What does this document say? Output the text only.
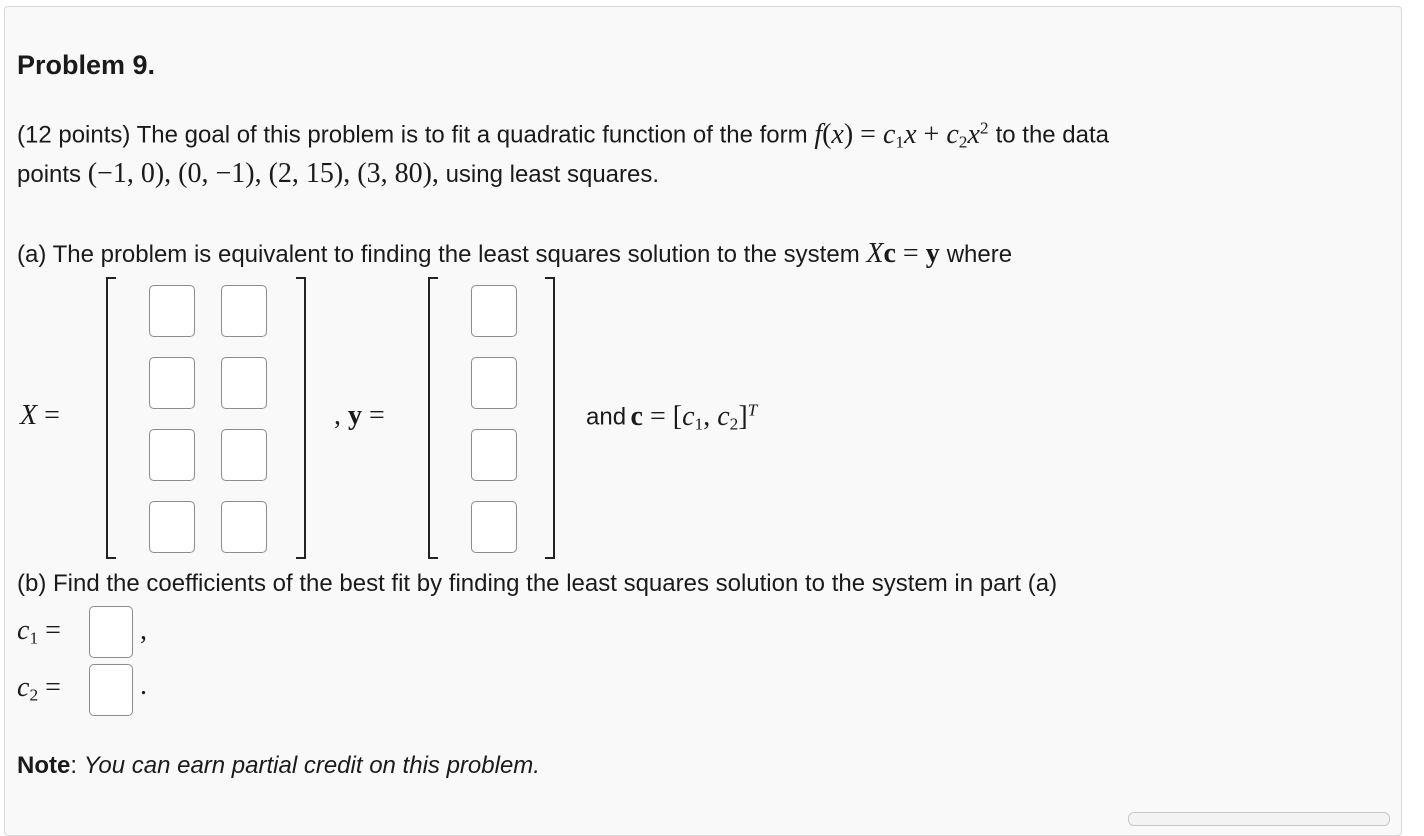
Problem 9.
(12 points) The goal of this problem is to fit a quadratic function of the form $f(x) = c_1x + c_2x^2$ to the data
points (−1, 0), (0, −1), (2, 15), (3, 80), using least squares.
(a) The problem is equivalent to finding the least squares solution to the system Xc = y where
X =	, y =	and $c = [c_1$, $c_2]^T$
(b) Find the coefficients of the best fit by finding the least squares solution to the system in part (a)
$c_1$ =	,
$c_2$ =	.
Note: You can earn partial credit on this problem.
